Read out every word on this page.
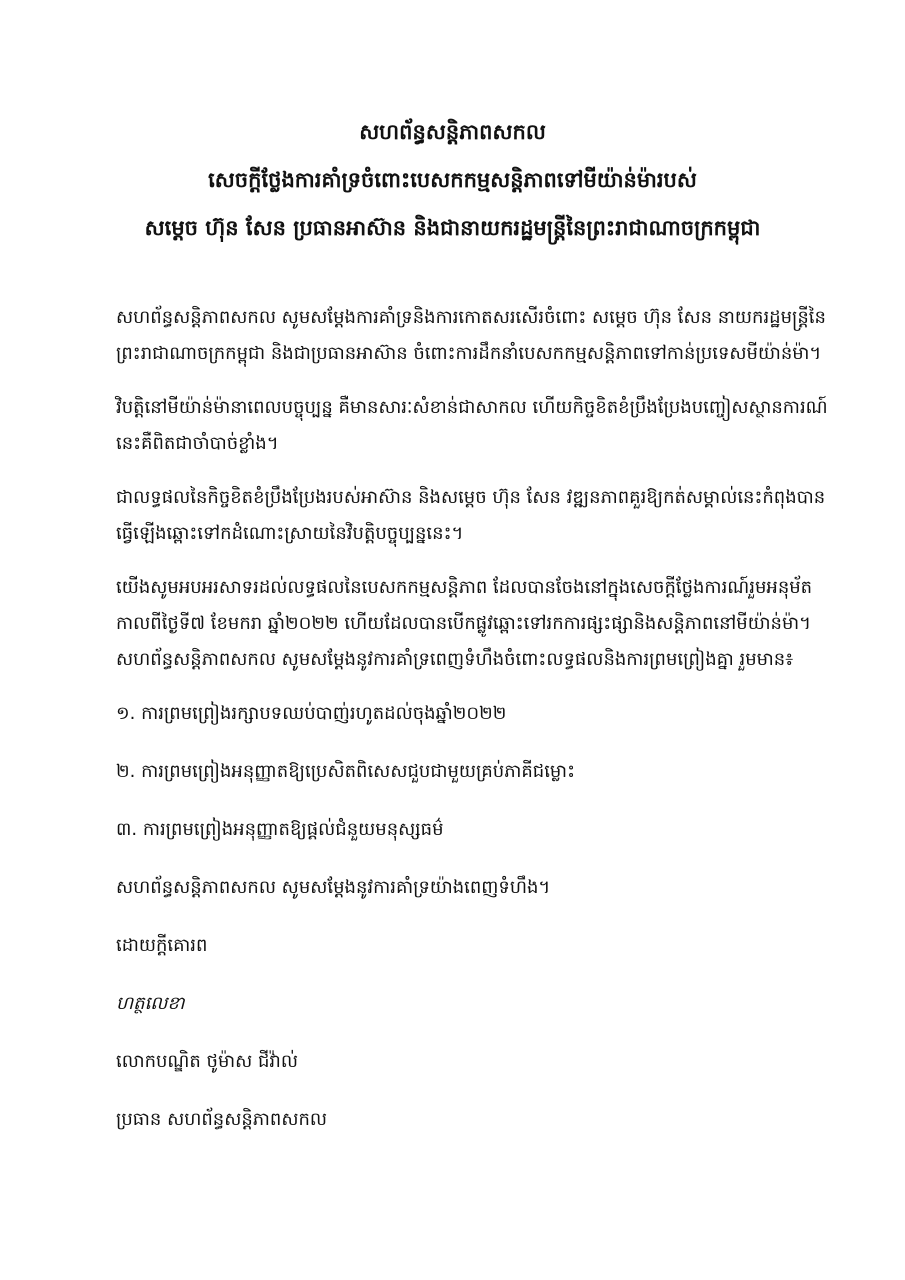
សហព័ន្ធសន្តិភាពសកល

សេចក្តីថ្លែងការគាំទ្រចំពោះបេសកកម្មសន្តិភាពទៅមីយ៉ាន់ម៉ារបស់

សម្តេច ហ៊ុន សែន ប្រធានអាស៊ាន និងជានាយករដ្ឋមន្ត្រីនៃព្រះរាជាណាចក្រកម្ពុជា

សហព័ន្ធសន្តិភាពសកល សូមសម្តែងការគាំទ្រនិងការកោតសរសើរចំពោះ សម្តេច ហ៊ុន សែន នាយករដ្ឋមន្ត្រីនៃព្រះរាជាណាចក្រកម្ពុជា និងជាប្រធានអាស៊ាន ចំពោះការដឹកនាំបេសកកម្មសន្តិភាពទៅកាន់ប្រទេសមីយ៉ាន់ម៉ា។

វិបត្តិនៅមីយ៉ាន់ម៉ានាពេលបច្ចុប្បន្ន គឺមានសារៈសំខាន់ជាសាកល ហើយកិច្ចខិតខំប្រឹងប្រែងបញ្ចៀសស្ថានការណ៍នេះគឺពិតជាចាំបាច់ខ្លាំង។

ជាលទ្ធផលនៃកិច្ចខិតខំប្រឹងប្រែងរបស់អាស៊ាន និងសម្តេច ហ៊ុន សែន វឌ្ឍនភាពគួរឱ្យកត់សម្គាល់នេះកំពុងបានធ្វើឡើងឆ្ពោះទៅកដំណោះស្រាយនៃវិបត្តិបច្ចុប្បន្ននេះ។

យើងសូមអបអរសាទរដល់លទ្ធផលនៃបេសកកម្មសន្តិភាព ដែលបានចែងនៅក្នុងសេចក្តីថ្លែងការណ៍រួមអនុម័តកាលពីថ្ងៃទី៧ ខែមករា ឆ្នាំ២០២២ ហើយដែលបានបើកផ្លូវឆ្ពោះទៅរកការផ្សះផ្សានិងសន្តិភាពនៅមីយ៉ាន់ម៉ា។ សហព័ន្ធសន្តិភាពសកល សូមសម្តែងនូវការគាំទ្រពេញទំហឹងចំពោះលទ្ធផលនិងការព្រមព្រៀងគ្នា រួមមាន៖

១. ការព្រមព្រៀងរក្សាបទឈប់បាញ់រហូតដល់ចុងឆ្នាំ២០២២

២. ការព្រមព្រៀងអនុញ្ញាតឱ្យប្រេសិតពិសេសជួបជាមួយគ្រប់ភាគីជម្លោះ

៣. ការព្រមព្រៀងអនុញ្ញាតឱ្យផ្តល់ជំនួយមនុស្សធម៌

សហព័ន្ធសន្តិភាពសកល សូមសម្តែងនូវការគាំទ្រយ៉ាងពេញទំហឹង។

ដោយក្តីគោរព

ហត្ថលេខា

លោកបណ្ឌិត ថូម៉ាស ជីវ៉ាល់

ប្រធាន សហព័ន្ធសន្តិភាពសកល
